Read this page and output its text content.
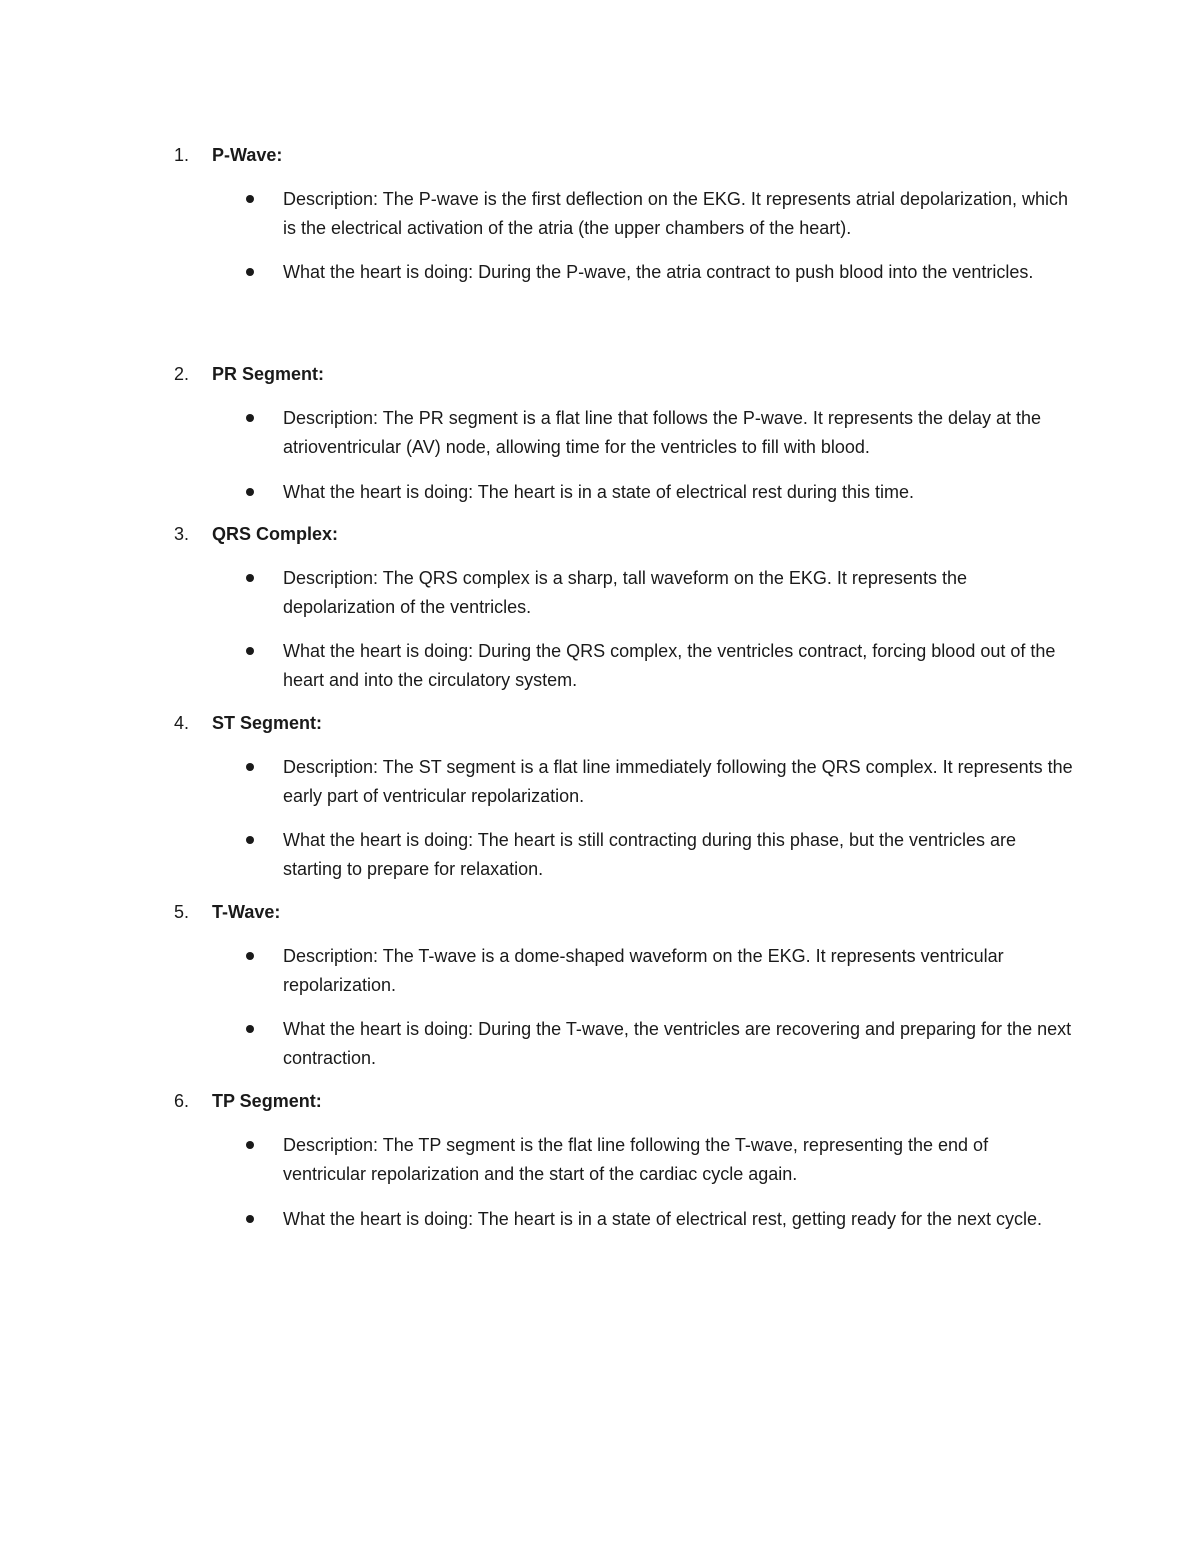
1. P-Wave:

Description: The P-wave is the first deflection on the EKG. It represents atrial depolarization, which is the electrical activation of the atria (the upper chambers of the heart).

What the heart is doing: During the P-wave, the atria contract to push blood into the ventricles.

2. PR Segment:

Description: The PR segment is a flat line that follows the P-wave. It represents the delay at the atrioventricular (AV) node, allowing time for the ventricles to fill with blood.

What the heart is doing: The heart is in a state of electrical rest during this time.

3. QRS Complex:

Description: The QRS complex is a sharp, tall waveform on the EKG. It represents the depolarization of the ventricles.

What the heart is doing: During the QRS complex, the ventricles contract, forcing blood out of the heart and into the circulatory system.

4. ST Segment:

Description: The ST segment is a flat line immediately following the QRS complex. It represents the early part of ventricular repolarization.

What the heart is doing: The heart is still contracting during this phase, but the ventricles are starting to prepare for relaxation.

5. T-Wave:

Description: The T-wave is a dome-shaped waveform on the EKG. It represents ventricular repolarization.

What the heart is doing: During the T-wave, the ventricles are recovering and preparing for the next contraction.

6. TP Segment:

Description: The TP segment is the flat line following the T-wave, representing the end of ventricular repolarization and the start of the cardiac cycle again.

What the heart is doing: The heart is in a state of electrical rest, getting ready for the next cycle.
